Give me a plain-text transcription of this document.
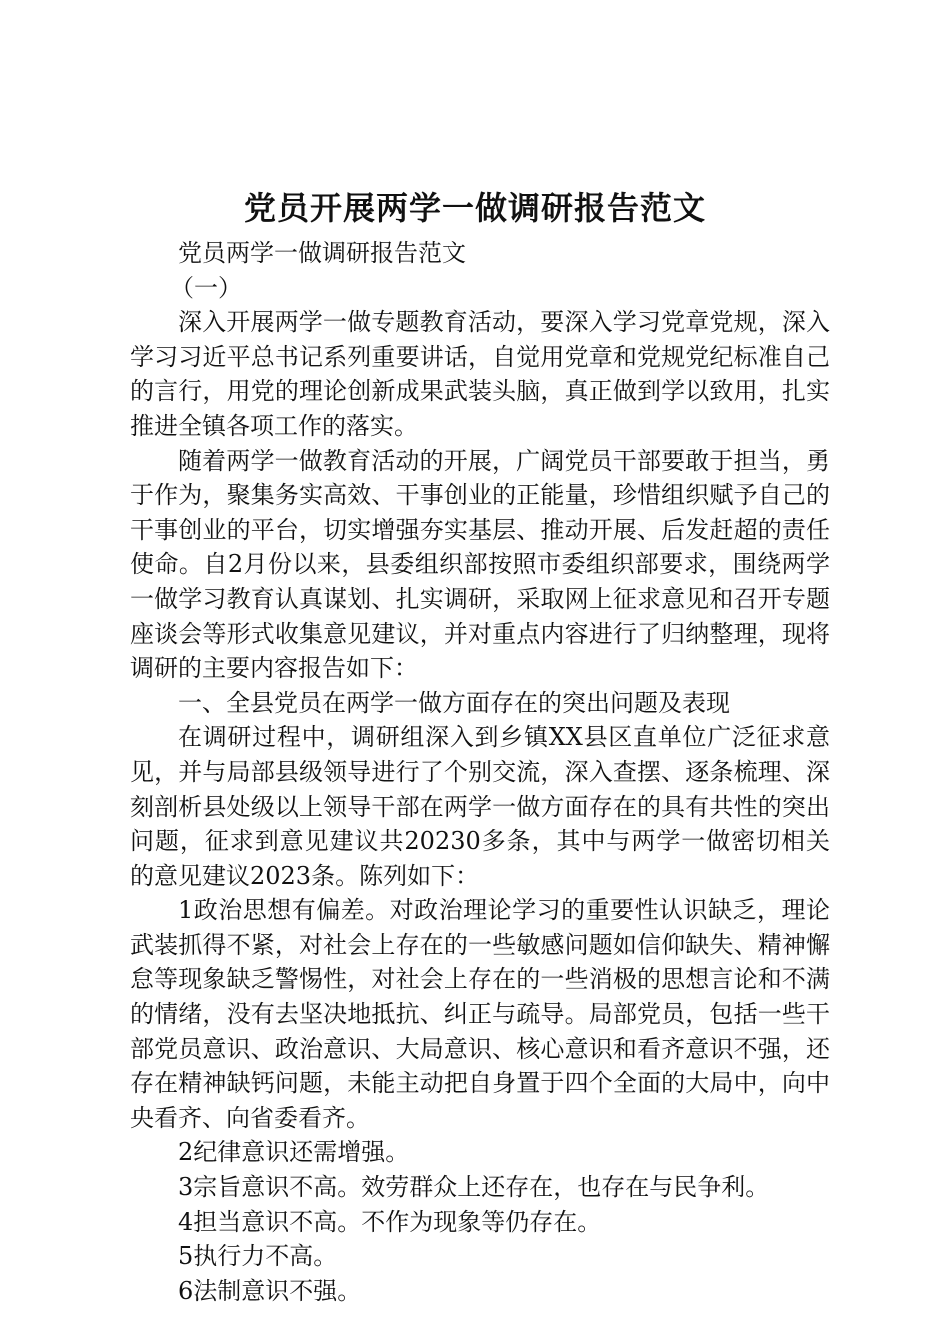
党员开展两学一做调研报告范文

党员两学一做调研报告范文

（一）

深入开展两学一做专题教育活动，要深入学习党章党规，深入学习习近平总书记系列重要讲话，自觉用党章和党规党纪标准自己的言行，用党的理论创新成果武装头脑，真正做到学以致用，扎实推进全镇各项工作的落实。

随着两学一做教育活动的开展，广阔党员干部要敢于担当，勇于作为，聚集务实高效、干事创业的正能量，珍惜组织赋予自己的干事创业的平台，切实增强夯实基层、推动开展、后发赶超的责任使命。自2月份以来，县委组织部按照市委组织部要求，围绕两学一做学习教育认真谋划、扎实调研，采取网上征求意见和召开专题座谈会等形式收集意见建议，并对重点内容进行了归纳整理，现将调研的主要内容报告如下：

一、全县党员在两学一做方面存在的突出问题及表现

在调研过程中，调研组深入到乡镇XX县区直单位广泛征求意见，并与局部县级领导进行了个别交流，深入查摆、逐条梳理、深刻剖析县处级以上领导干部在两学一做方面存在的具有共性的突出问题，征求到意见建议共20230多条，其中与两学一做密切相关的意见建议2023条。陈列如下：

1政治思想有偏差。对政治理论学习的重要性认识缺乏，理论武装抓得不紧，对社会上存在的一些敏感问题如信仰缺失、精神懈怠等现象缺乏警惕性，对社会上存在的一些消极的思想言论和不满的情绪，没有去坚决地抵抗、纠正与疏导。局部党员，包括一些干部党员意识、政治意识、大局意识、核心意识和看齐意识不强，还存在精神缺钙问题，未能主动把自身置于四个全面的大局中，向中央看齐、向省委看齐。

2纪律意识还需增强。

3宗旨意识不高。效劳群众上还存在，也存在与民争利。

4担当意识不高。不作为现象等仍存在。

5执行力不高。

6法制意识不强。
